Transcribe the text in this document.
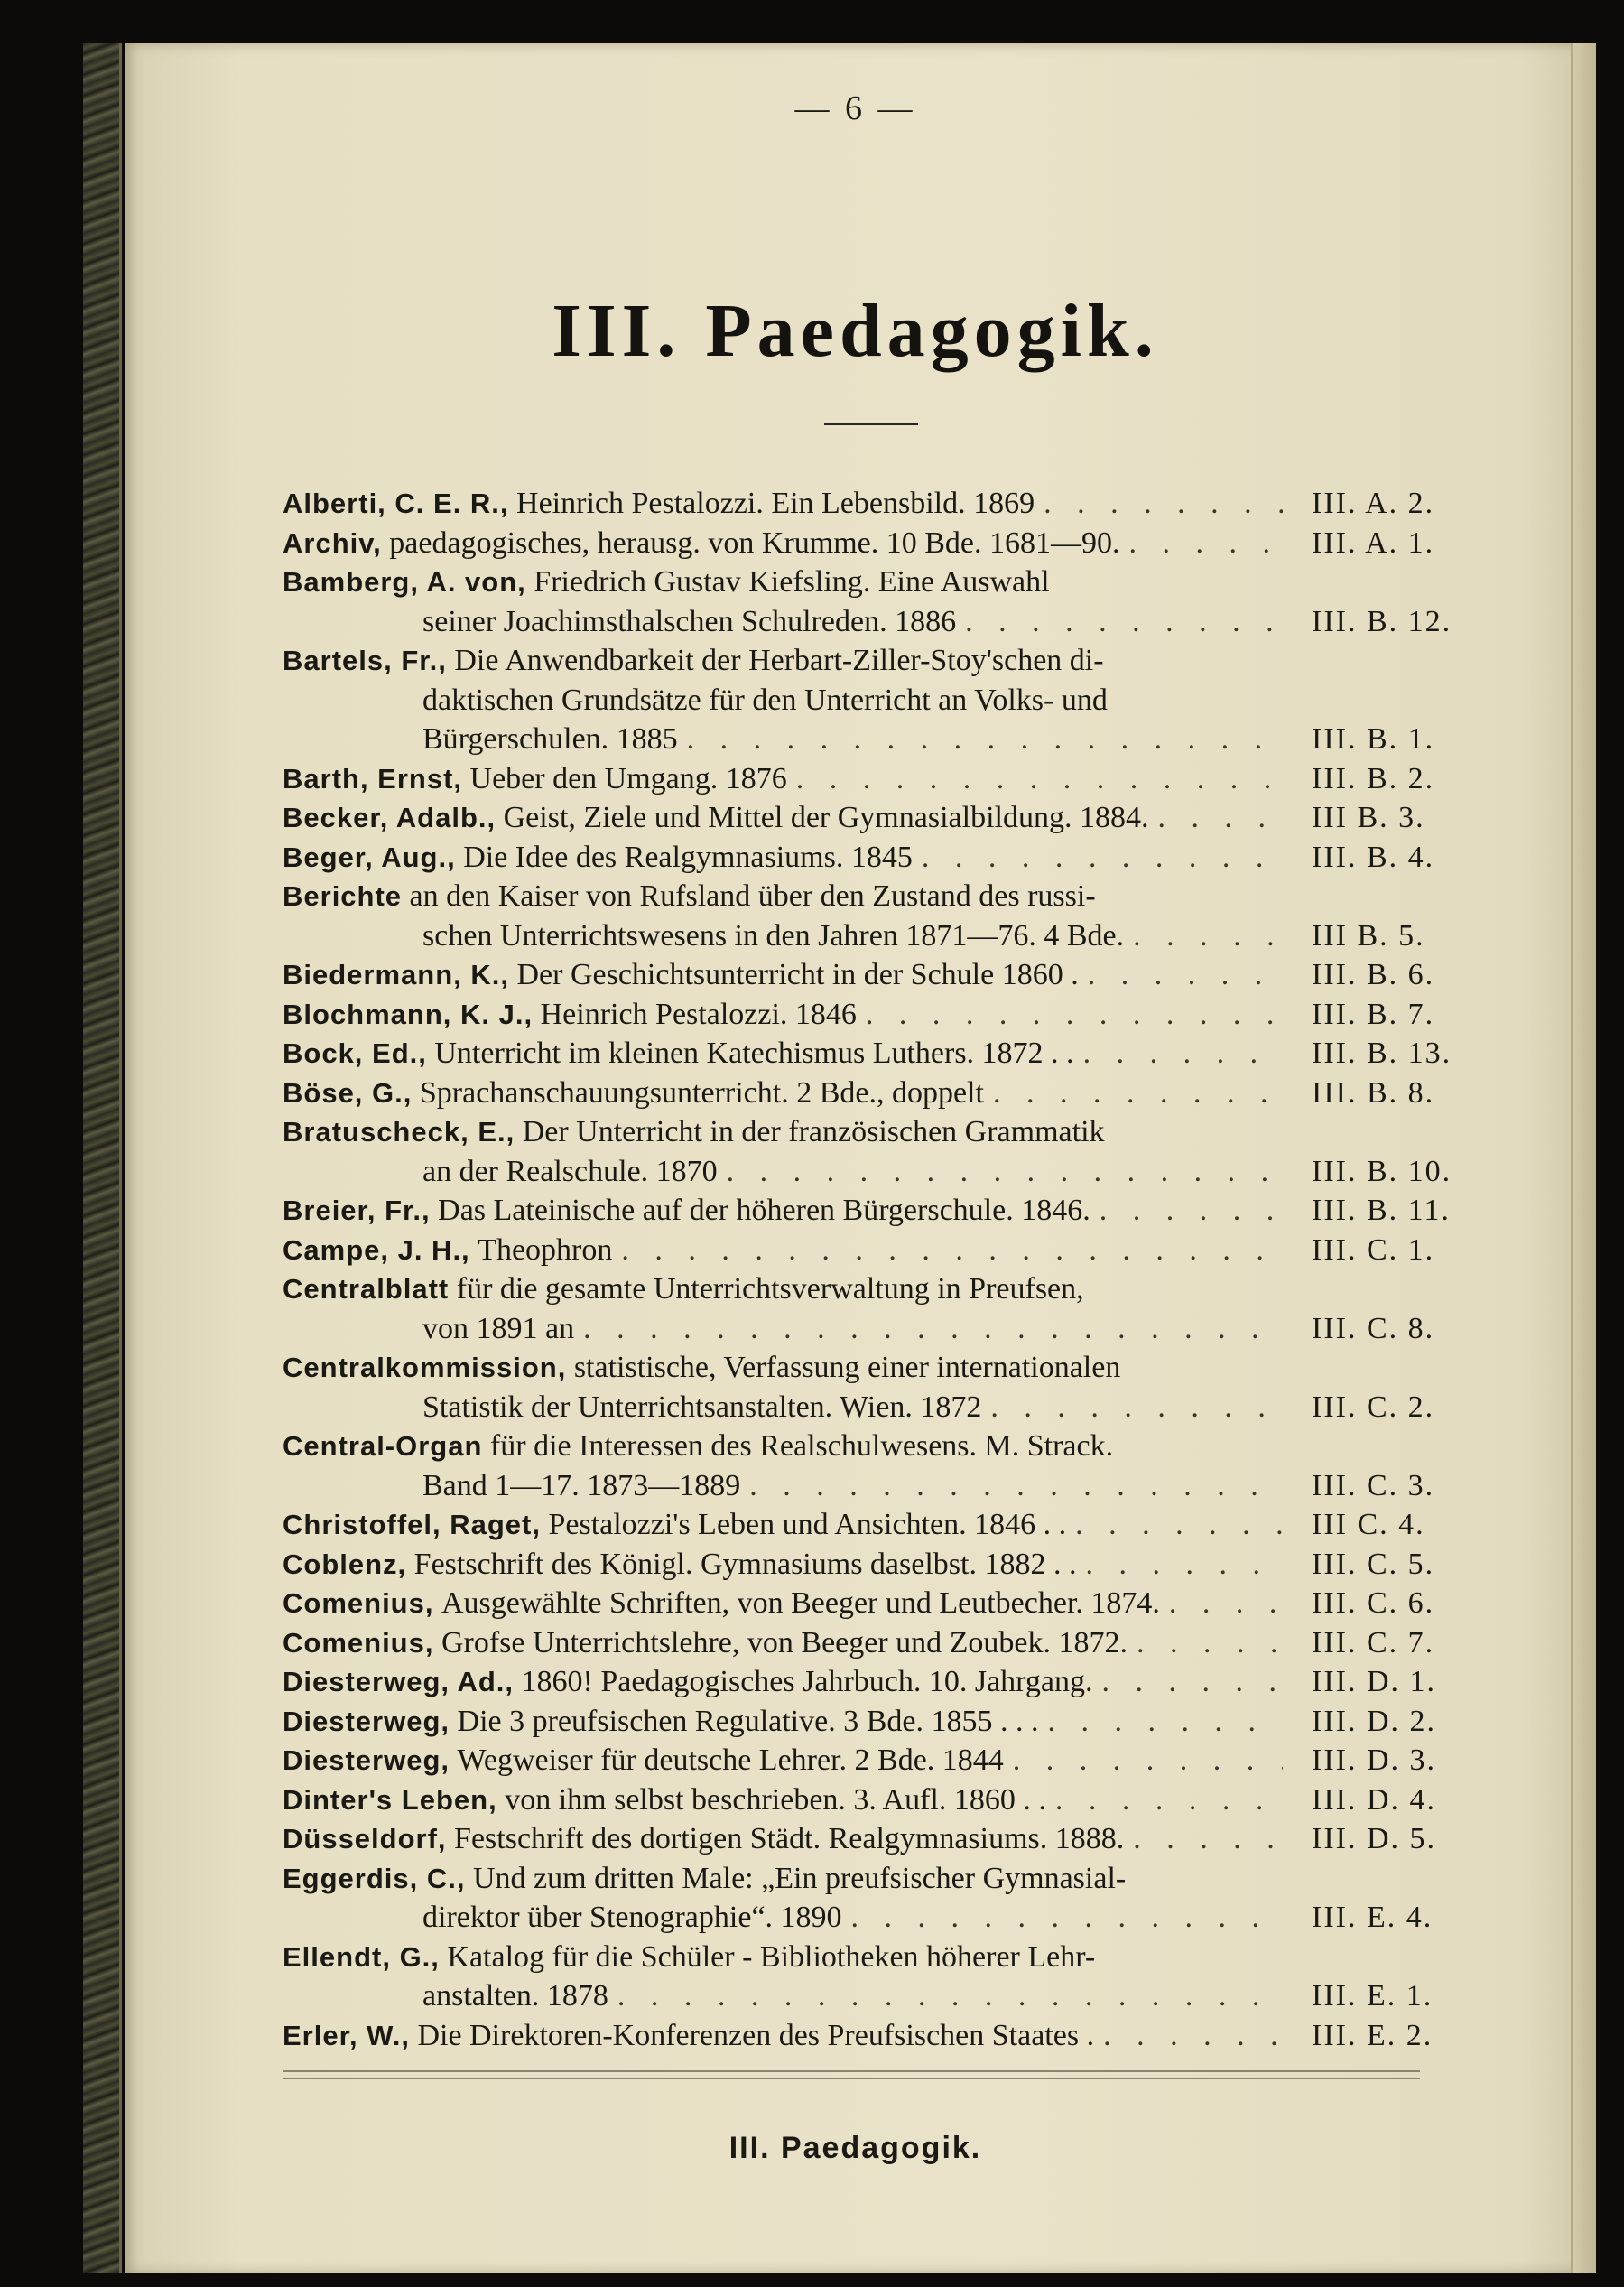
— 6 —
III. Paedagogik.
Alberti, C. E. R.,
Heinrich Pestalozzi. Ein Lebensbild. 1869 . . .	III. A. 2.
Archiv,
paedagogisches, herausg. von Krumme. 10 Bde. 1681—90. . . .	III. A. 1.
Bamberg, A. von,
Friedrich Gustav Kiefsling. Eine Auswahl
seiner Joachimsthalschen Schulreden. 1886 . . .	III. B. 12.
Bartels, Fr.,
Die Anwendbarkeit der Herbart-Ziller-Stoy'schen di-
daktischen Grundsätze für den Unterricht an Volks- und
Bürgerschulen. 1885 . . .	III. B. 1.
Barth, Ernst,
Ueber den Umgang. 1876 . . .	III. B. 2.
Becker, Adalb.,
Geist, Ziele und Mittel der Gymnasialbildung. 1884. . . .	III B. 3.
Beger, Aug.,
Die Idee des Realgymnasiums. 1845 . . .	III. B. 4.
Berichte
an den Kaiser von Rufsland über den Zustand des russi-
schen Unterrichtswesens in den Jahren 1871—76. 4 Bde. . . .	III B. 5.
Biedermann, K.,
Der Geschichtsunterricht in der Schule 1860 . . . .	III. B. 6.
Blochmann, K. J.,
Heinrich Pestalozzi. 1846 . . .	III. B. 7.
Bock, Ed.,
Unterricht im kleinen Katechismus Luthers. 1872 . . . . .	III. B. 13.
Böse, G.,
Sprachanschauungsunterricht. 2 Bde., doppelt . . .	III. B. 8.
Bratuscheck, E.,
Der Unterricht in der französischen Grammatik
an der Realschule. 1870 . . .	III. B. 10.
Breier, Fr.,
Das Lateinische auf der höheren Bürgerschule. 1846. . . .	III. B. 11.
Campe, J. H.,
Theophron . . .	III. C. 1.
Centralblatt
für die gesamte Unterrichtsverwaltung in Preufsen,
von 1891 an . . .	III. C. 8.
Centralkommission,
statistische, Verfassung einer internationalen
Statistik der Unterrichtsanstalten. Wien. 1872 . . .	III. C. 2.
Central-Organ
für die Interessen des Realschulwesens. M. Strack.
Band 1—17. 1873—1889 . . .	III. C. 3.
Christoffel, Raget,
Pestalozzi's Leben und Ansichten. 1846 . . . . .	III C. 4.
Coblenz,
Festschrift des Königl. Gymnasiums daselbst. 1882 . . . . .	III. C. 5.
Comenius,
Ausgewählte Schriften, von Beeger und Leutbecher. 1874. . . .	III. C. 6.
Comenius,
Grofse Unterrichtslehre, von Beeger und Zoubek. 1872. . . .	III. C. 7.
Diesterweg, Ad.,
1860! Paedagogisches Jahrbuch. 10. Jahrgang. . . .	III. D. 1.
Diesterweg,
Die 3 preufsischen Regulative. 3 Bde. 1855 . . . . . .	III. D. 2.
Diesterweg,
Wegweiser für deutsche Lehrer. 2 Bde. 1844 . . .	III. D. 3.
Dinter's Leben,
von ihm selbst beschrieben. 3. Aufl. 1860 . . . . .	III. D. 4.
Düsseldorf,
Festschrift des dortigen Städt. Realgymnasiums. 1888. . . .	III. D. 5.
Eggerdis, C.,
Und zum dritten Male: „Ein preufsischer Gymnasial-
direktor über Stenographie“. 1890 . . .	III. E. 4.
Ellendt, G.,
Katalog für die Schüler - Bibliotheken höherer Lehr-
anstalten. 1878 . . .	III. E. 1.
Erler, W.,
Die Direktoren-Konferenzen des Preufsischen Staates . . . .	III. E. 2.
III. Paedagogik.
